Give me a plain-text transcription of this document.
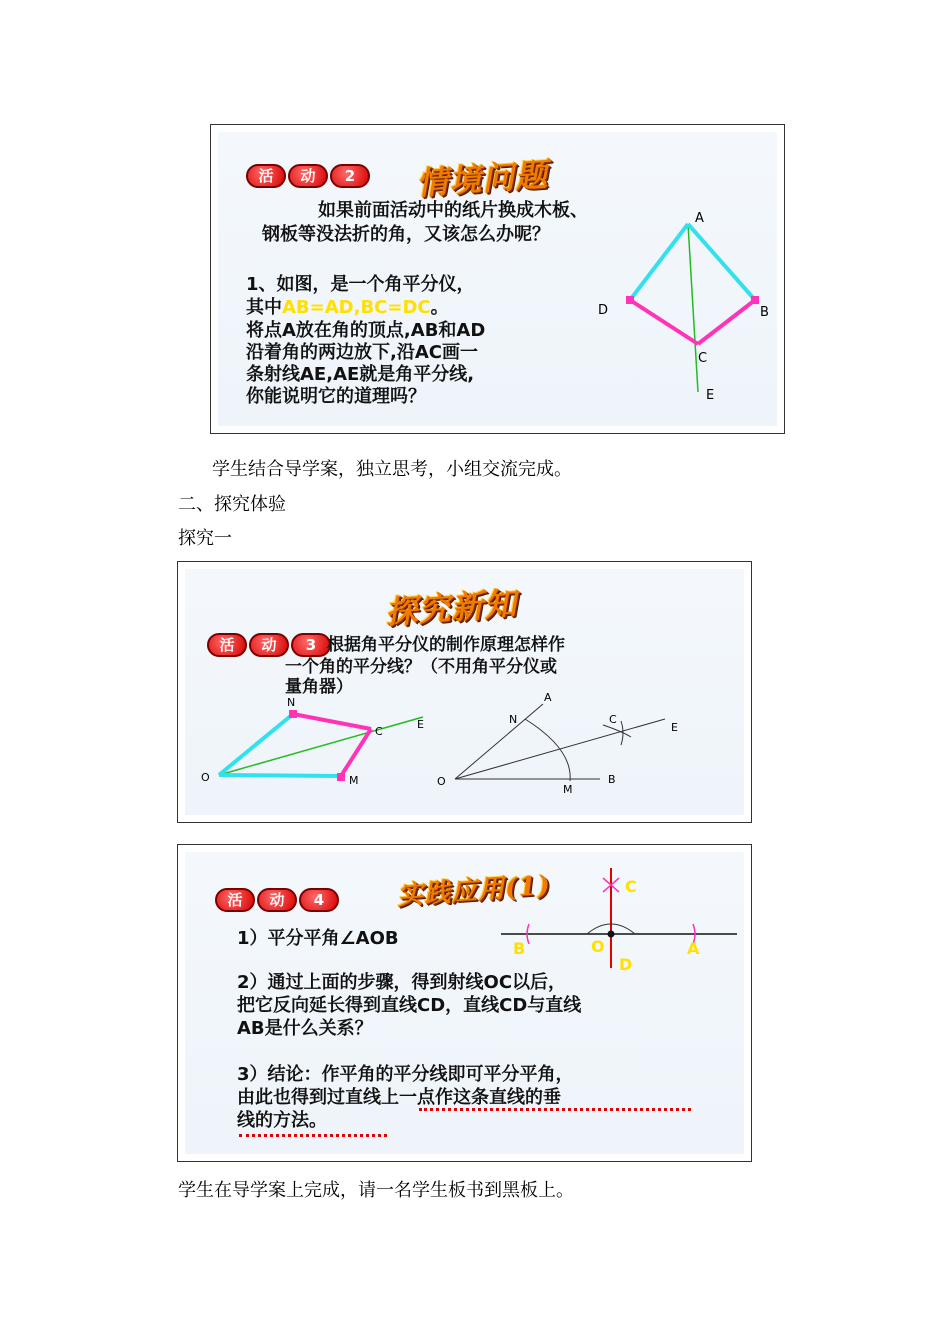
活	动	2	情境问题
如果前面活动中的纸片换成木板、
钢板等没法折的角，又该怎么办呢？
1、如图，是一个角平分仪，
其中AB=AD,BC=DC。
将点A放在角的顶点,AB和AD
沿着角的两边放下,沿AC画一
条射线AE,AE就是角平分线,
你能说明它的道理吗？
A
B
C
D
E
学生结合导学案，独立思考，小组交流完成。
二、探究体验
探究一
探究新知
活	动	3 根据角平分仪的制作原理怎样作
一个角的平分线？（不用角平分仪或
量角器）
N
C
E
O	M
A
N	C
E
O
M
B
活	动	4	实践应用(1)
1）平分平角∠AOB
2）通过上面的步骤，得到射线OC以后，
把它反向延长得到直线CD，直线CD与直线
AB是什么关系？
3）结论：作平角的平分线即可平分平角，
由此也得到过直线上一点作这条直线的垂
线的方法。
C
B	O	A
D
学生在导学案上完成，请一名学生板书到黑板上。
